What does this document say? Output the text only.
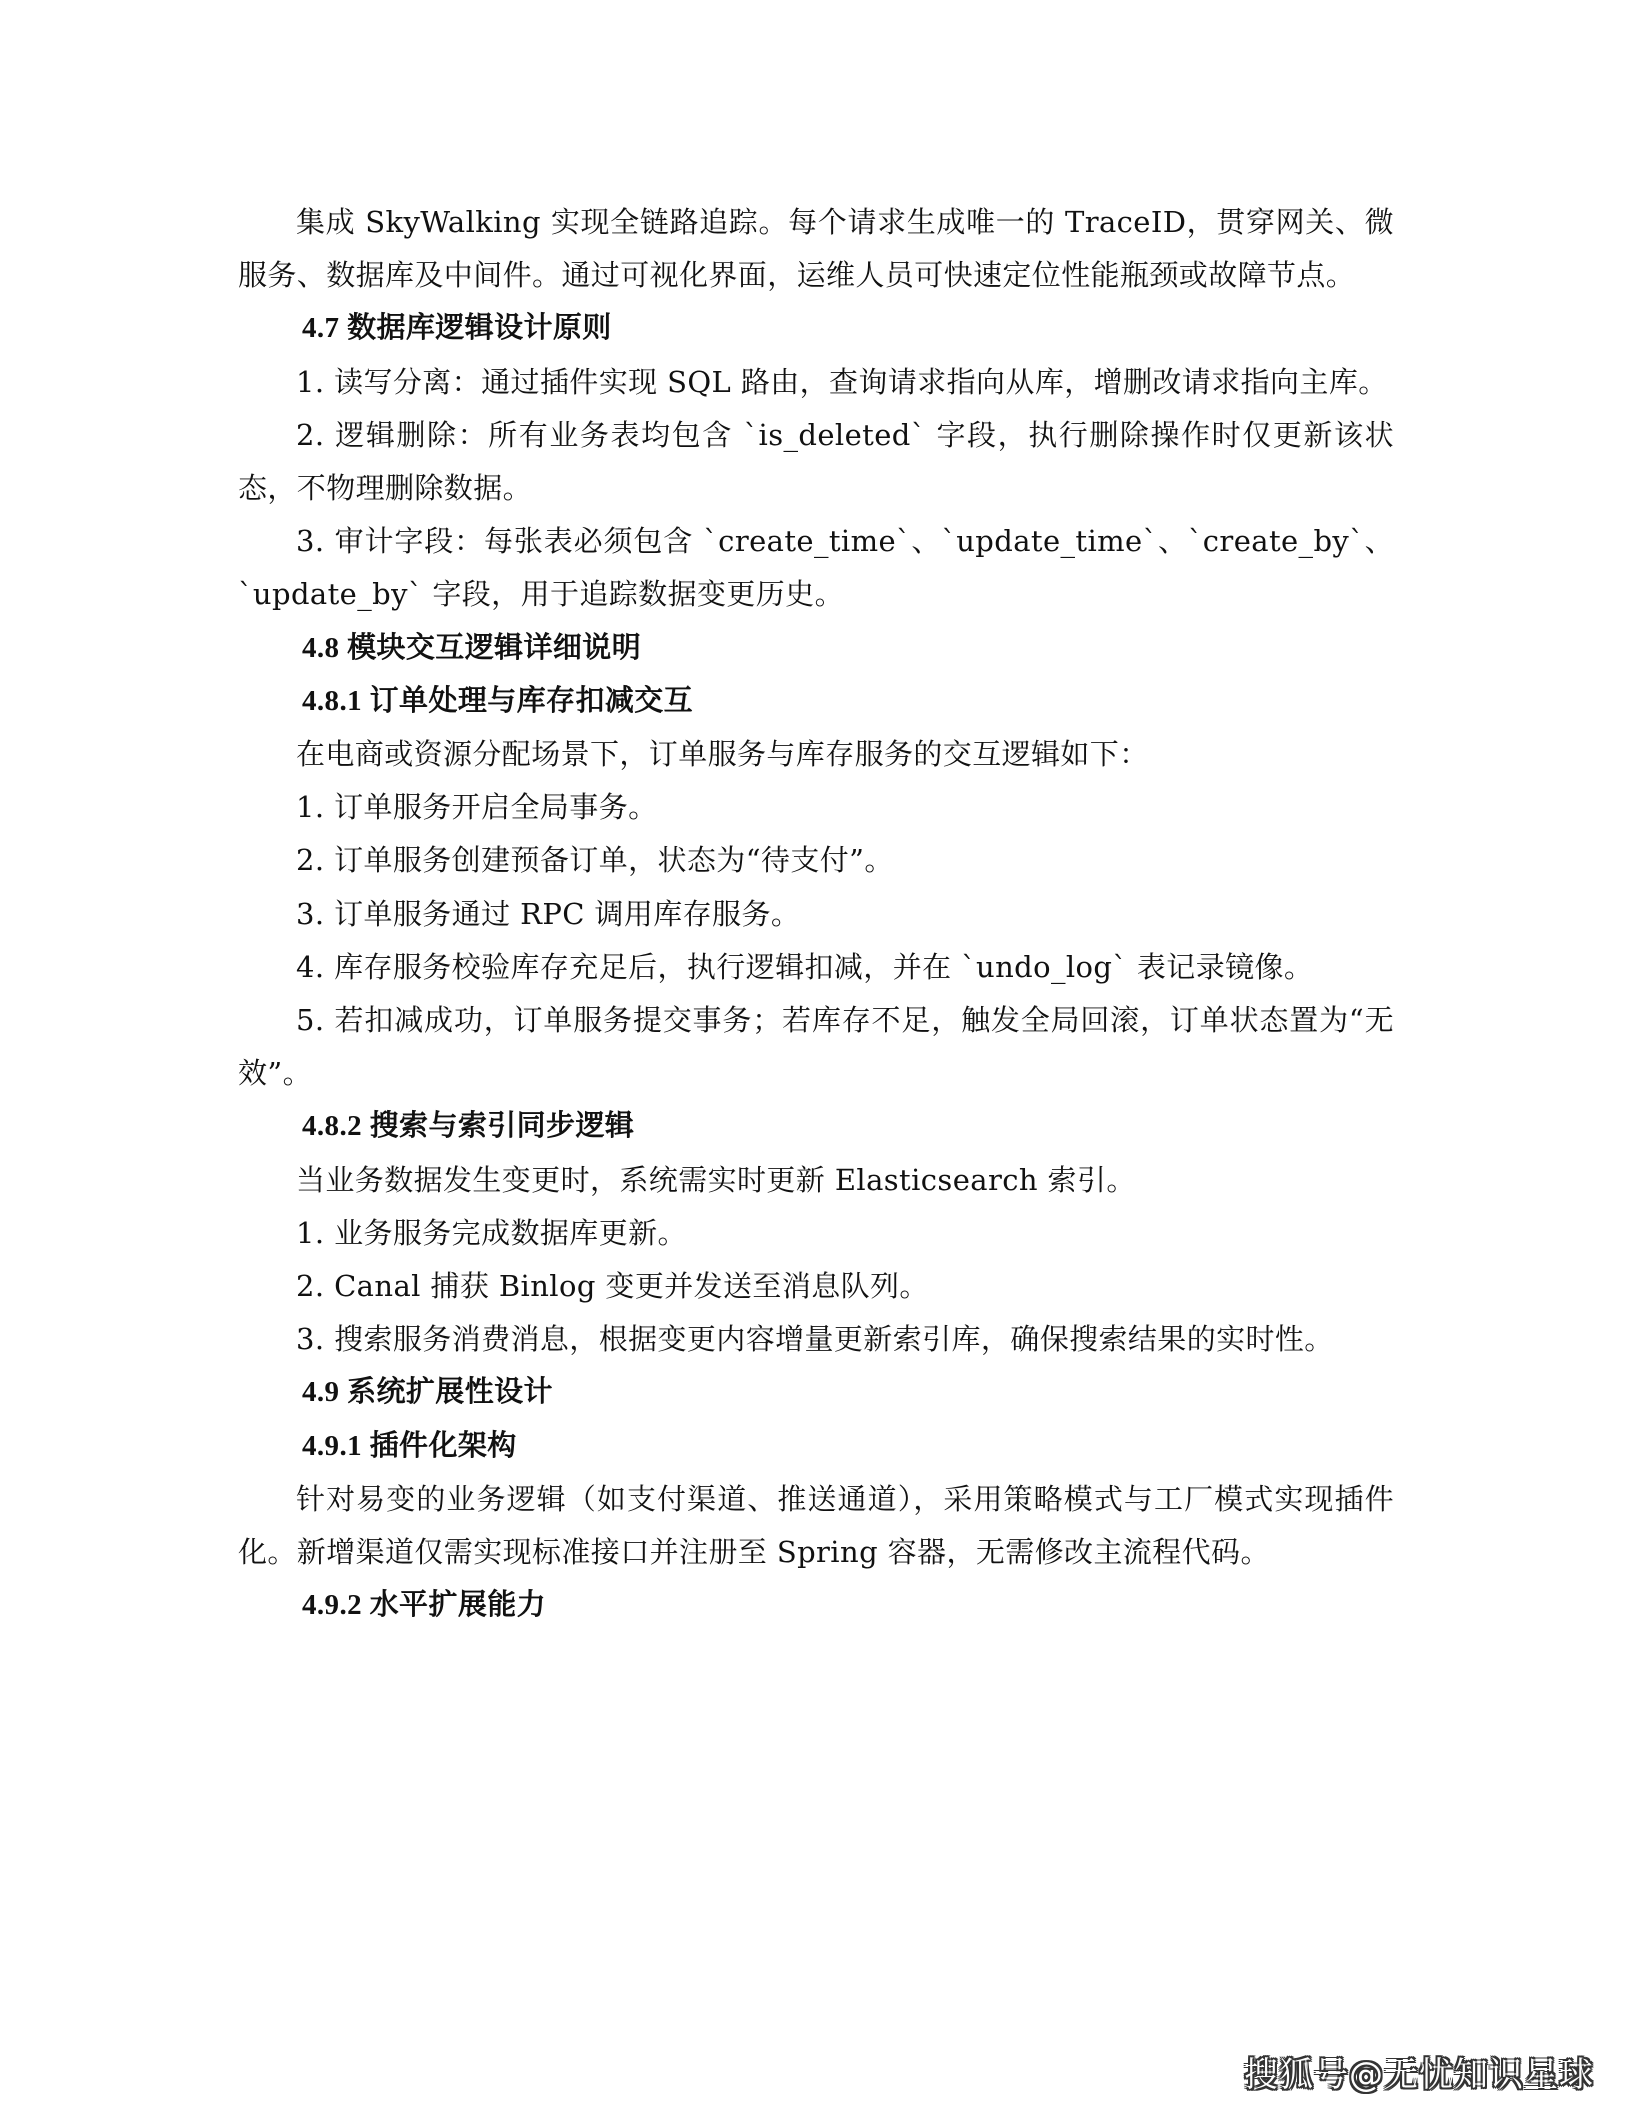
集成 SkyWalking 实现全链路追踪。每个请求生成唯一的 TraceID，贯穿网关、微服务、数据库及中间件。通过可视化界面，运维人员可快速定位性能瓶颈或故障节点。

4.7 数据库逻辑设计原则

1. 读写分离：通过插件实现 SQL 路由，查询请求指向从库，增删改请求指向主库。

2. 逻辑删除：所有业务表均包含 `is_deleted` 字段，执行删除操作时仅更新该状态，不物理删除数据。

3. 审计字段：每张表必须包含 `create_time`、`update_time`、`create_by`、`update_by` 字段，用于追踪数据变更历史。

4.8 模块交互逻辑详细说明
4.8.1 订单处理与库存扣减交互

在电商或资源分配场景下，订单服务与库存服务的交互逻辑如下：

1. 订单服务开启全局事务。

2. 订单服务创建预备订单，状态为“待支付”。

3. 订单服务通过 RPC 调用库存服务。

4. 库存服务校验库存充足后，执行逻辑扣减，并在 `undo_log` 表记录镜像。

5. 若扣减成功，订单服务提交事务；若库存不足，触发全局回滚，订单状态置为“无效”。

4.8.2 搜索与索引同步逻辑

当业务数据发生变更时，系统需实时更新 Elasticsearch 索引。

1. 业务服务完成数据库更新。

2. Canal 捕获 Binlog 变更并发送至消息队列。

3. 搜索服务消费消息，根据变更内容增量更新索引库，确保搜索结果的实时性。

4.9 系统扩展性设计
4.9.1 插件化架构

针对易变的业务逻辑（如支付渠道、推送通道），采用策略模式与工厂模式实现插件化。新增渠道仅需实现标准接口并注册至 Spring 容器，无需修改主流程代码。

4.9.2 水平扩展能力
搜狐号@无忧知识星球
